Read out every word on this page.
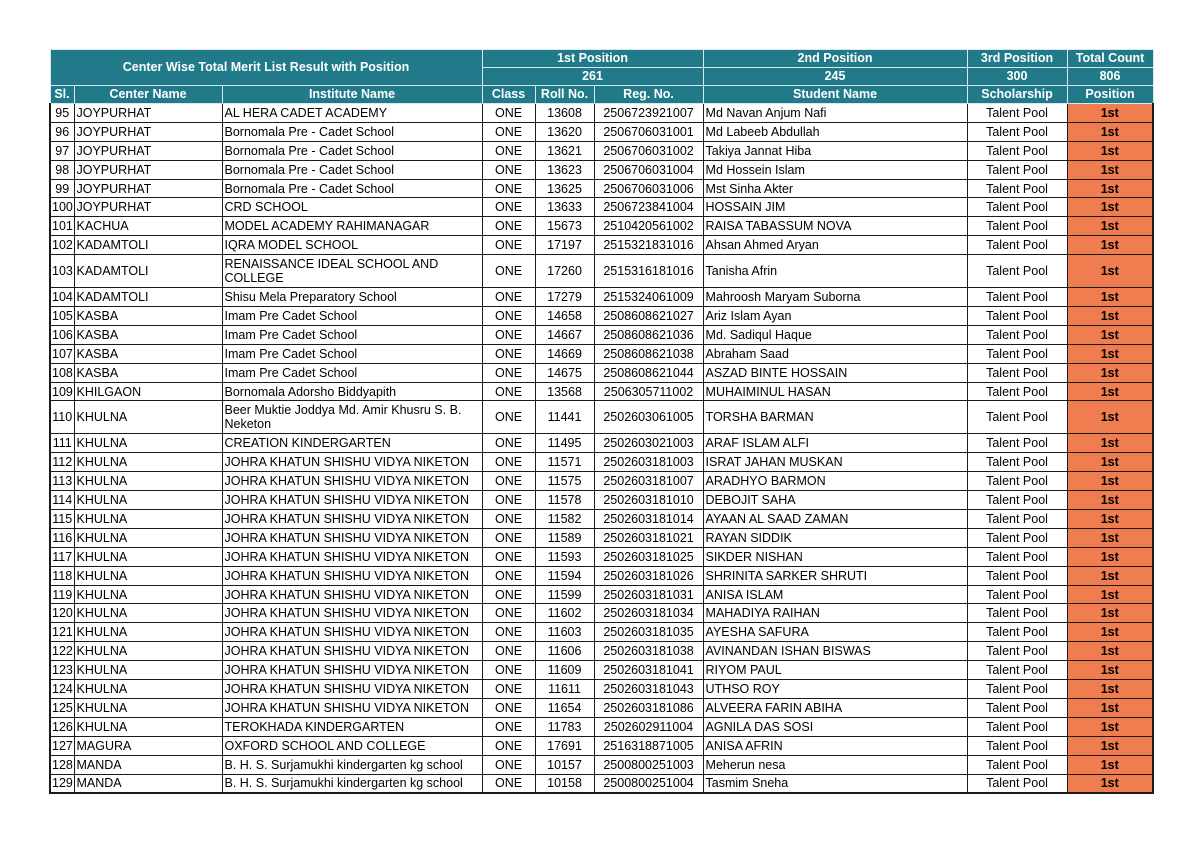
Center Wise Total Merit List Result with Position			1st Position			2nd Position	3rd Position	Total Count
			261			245	300	806
Sl.	Center Name	Institute Name	Class	Roll No.	Reg. No.	Student Name	Scholarship	Position
95	JOYPURHAT	AL HERA CADET ACADEMY	ONE	13608	2506723921007	Md Navan Anjum Nafi	Talent Pool	1st
96	JOYPURHAT	Bornomala Pre - Cadet School	ONE	13620	2506706031001	Md Labeeb Abdullah	Talent Pool	1st
97	JOYPURHAT	Bornomala Pre - Cadet School	ONE	13621	2506706031002	Takiya Jannat Hiba	Talent Pool	1st
98	JOYPURHAT	Bornomala Pre - Cadet School	ONE	13623	2506706031004	Md Hossein Islam	Talent Pool	1st
99	JOYPURHAT	Bornomala Pre - Cadet School	ONE	13625	2506706031006	Mst Sinha Akter	Talent Pool	1st
100	JOYPURHAT	CRD SCHOOL	ONE	13633	2506723841004	HOSSAIN JIM	Talent Pool	1st
101	KACHUA	MODEL ACADEMY RAHIMANAGAR	ONE	15673	2510420561002	RAISA TABASSUM NOVA	Talent Pool	1st
102	KADAMTOLI	IQRA MODEL SCHOOL	ONE	17197	2515321831016	Ahsan Ahmed Aryan	Talent Pool	1st
103	KADAMTOLI	RENAISSANCE IDEAL SCHOOL AND COLLEGE	ONE	17260	2515316181016	Tanisha Afrin	Talent Pool	1st
104	KADAMTOLI	Shisu Mela Preparatory School	ONE	17279	2515324061009	Mahroosh Maryam Suborna	Talent Pool	1st
105	KASBA	Imam Pre Cadet School	ONE	14658	2508608621027	Ariz Islam Ayan	Talent Pool	1st
106	KASBA	Imam Pre Cadet School	ONE	14667	2508608621036	Md. Sadiqul Haque	Talent Pool	1st
107	KASBA	Imam Pre Cadet School	ONE	14669	2508608621038	Abraham Saad	Talent Pool	1st
108	KASBA	Imam Pre Cadet School	ONE	14675	2508608621044	ASZAD BINTE HOSSAIN	Talent Pool	1st
109	KHILGAON	Bornomala Adorsho Biddyapith	ONE	13568	2506305711002	MUHAIMINUL HASAN	Talent Pool	1st
110	KHULNA	Beer Muktie Joddya Md. Amir Khusru S. B. Neketon	ONE	11441	2502603061005	TORSHA BARMAN	Talent Pool	1st
111	KHULNA	CREATION KINDERGARTEN	ONE	11495	2502603021003	ARAF ISLAM ALFI	Talent Pool	1st
112	KHULNA	JOHRA KHATUN SHISHU VIDYA NIKETON	ONE	11571	2502603181003	ISRAT JAHAN MUSKAN	Talent Pool	1st
113	KHULNA	JOHRA KHATUN SHISHU VIDYA NIKETON	ONE	11575	2502603181007	ARADHYO BARMON	Talent Pool	1st
114	KHULNA	JOHRA KHATUN SHISHU VIDYA NIKETON	ONE	11578	2502603181010	DEBOJIT SAHA	Talent Pool	1st
115	KHULNA	JOHRA KHATUN SHISHU VIDYA NIKETON	ONE	11582	2502603181014	AYAAN AL SAAD ZAMAN	Talent Pool	1st
116	KHULNA	JOHRA KHATUN SHISHU VIDYA NIKETON	ONE	11589	2502603181021	RAYAN SIDDIK	Talent Pool	1st
117	KHULNA	JOHRA KHATUN SHISHU VIDYA NIKETON	ONE	11593	2502603181025	SIKDER NISHAN	Talent Pool	1st
118	KHULNA	JOHRA KHATUN SHISHU VIDYA NIKETON	ONE	11594	2502603181026	SHRINITA SARKER SHRUTI	Talent Pool	1st
119	KHULNA	JOHRA KHATUN SHISHU VIDYA NIKETON	ONE	11599	2502603181031	ANISA ISLAM	Talent Pool	1st
120	KHULNA	JOHRA KHATUN SHISHU VIDYA NIKETON	ONE	11602	2502603181034	MAHADIYA RAIHAN	Talent Pool	1st
121	KHULNA	JOHRA KHATUN SHISHU VIDYA NIKETON	ONE	11603	2502603181035	AYESHA SAFURA	Talent Pool	1st
122	KHULNA	JOHRA KHATUN SHISHU VIDYA NIKETON	ONE	11606	2502603181038	AVINANDAN ISHAN BISWAS	Talent Pool	1st
123	KHULNA	JOHRA KHATUN SHISHU VIDYA NIKETON	ONE	11609	2502603181041	RIYOM PAUL	Talent Pool	1st
124	KHULNA	JOHRA KHATUN SHISHU VIDYA NIKETON	ONE	11611	2502603181043	UTHSO ROY	Talent Pool	1st
125	KHULNA	JOHRA KHATUN SHISHU VIDYA NIKETON	ONE	11654	2502603181086	ALVEERA FARIN ABIHA	Talent Pool	1st
126	KHULNA	TEROKHADA KINDERGARTEN	ONE	11783	2502602911004	AGNILA DAS SOSI	Talent Pool	1st
127	MAGURA	OXFORD SCHOOL AND COLLEGE	ONE	17691	2516318871005	ANISA AFRIN	Talent Pool	1st
128	MANDA	B. H. S. Surjamukhi kindergarten kg school	ONE	10157	2500800251003	Meherun nesa	Talent Pool	1st
129	MANDA	B. H. S. Surjamukhi kindergarten kg school	ONE	10158	2500800251004	Tasmim Sneha	Talent Pool	1st
